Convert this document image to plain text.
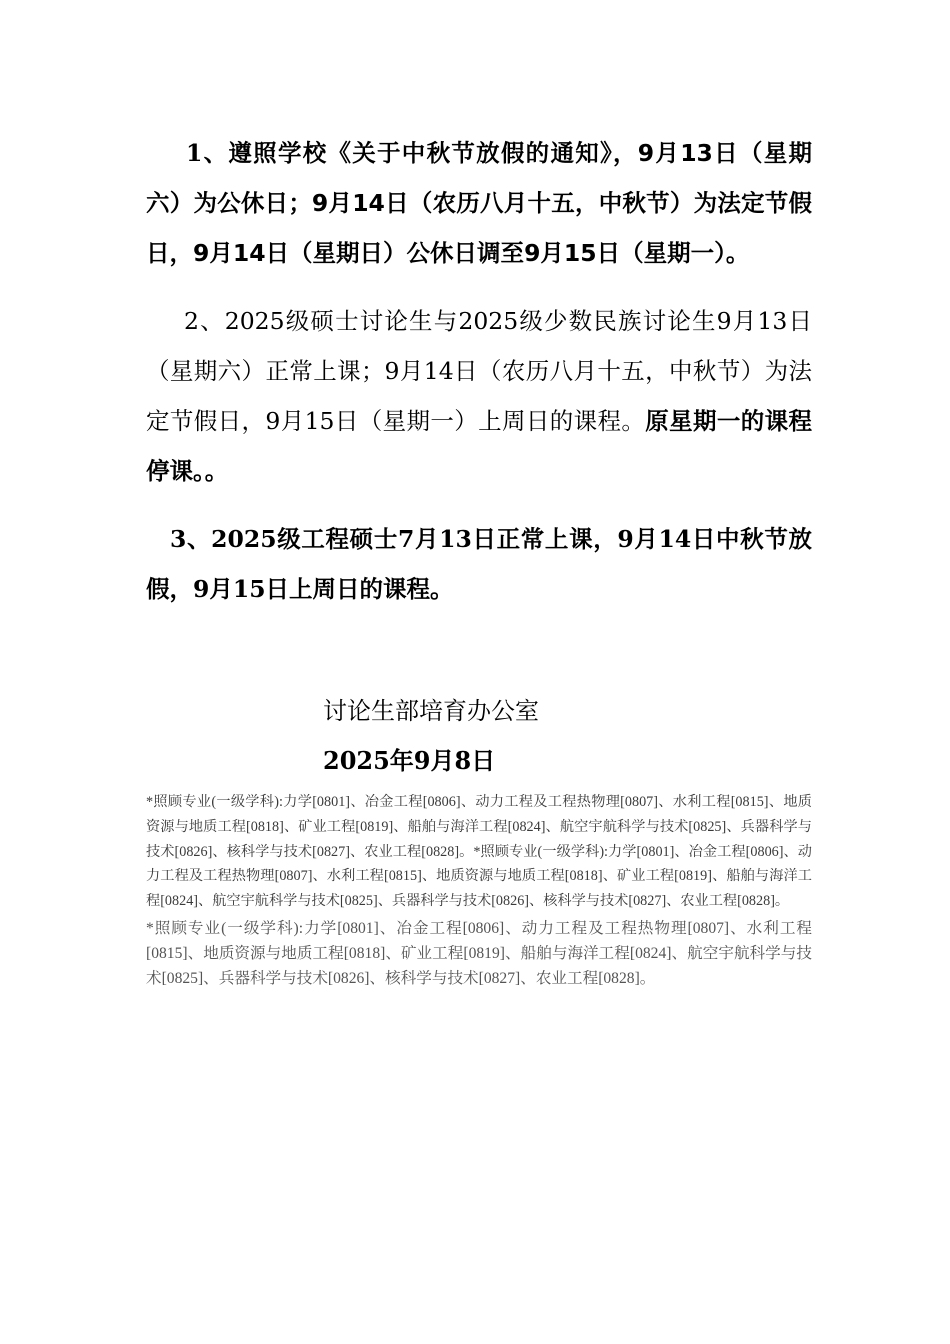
1、遵照学校《关于中秋节放假的通知》，9月13日（星期六）为公休日；9月14日（农历八月十五，中秋节）为法定节假日，9月14日（星期日）公休日调至9月15日（星期一）。

2、2025级硕士讨论生与2025级少数民族讨论生9月13日（星期六）正常上课；9月14日（农历八月十五，中秋节）为法定节假日，9月15日（星期一）上周日的课程。原星期一的课程停课。。

3、2025级工程硕士7月13日正常上课，9月14日中秋节放假，9月15日上周日的课程。

讨论生部培育办公室
2025年9月8日

*照顾专业(一级学科):力学[0801]、冶金工程[0806]、动力工程及工程热物理[0807]、水利工程[0815]、地质资源与地质工程[0818]、矿业工程[0819]、船舶与海洋工程[0824]、航空宇航科学与技术[0825]、兵器科学与技术[0826]、核科学与技术[0827]、农业工程[0828]。*照顾专业(一级学科):力学[0801]、冶金工程[0806]、动力工程及工程热物理[0807]、水利工程[0815]、地质资源与地质工程[0818]、矿业工程[0819]、船舶与海洋工程[0824]、航空宇航科学与技术[0825]、兵器科学与技术[0826]、核科学与技术[0827]、农业工程[0828]。

*照顾专业(一级学科):力学[0801]、冶金工程[0806]、动力工程及工程热物理[0807]、水利工程[0815]、地质资源与地质工程[0818]、矿业工程[0819]、船舶与海洋工程[0824]、航空宇航科学与技术[0825]、兵器科学与技术[0826]、核科学与技术[0827]、农业工程[0828]。
